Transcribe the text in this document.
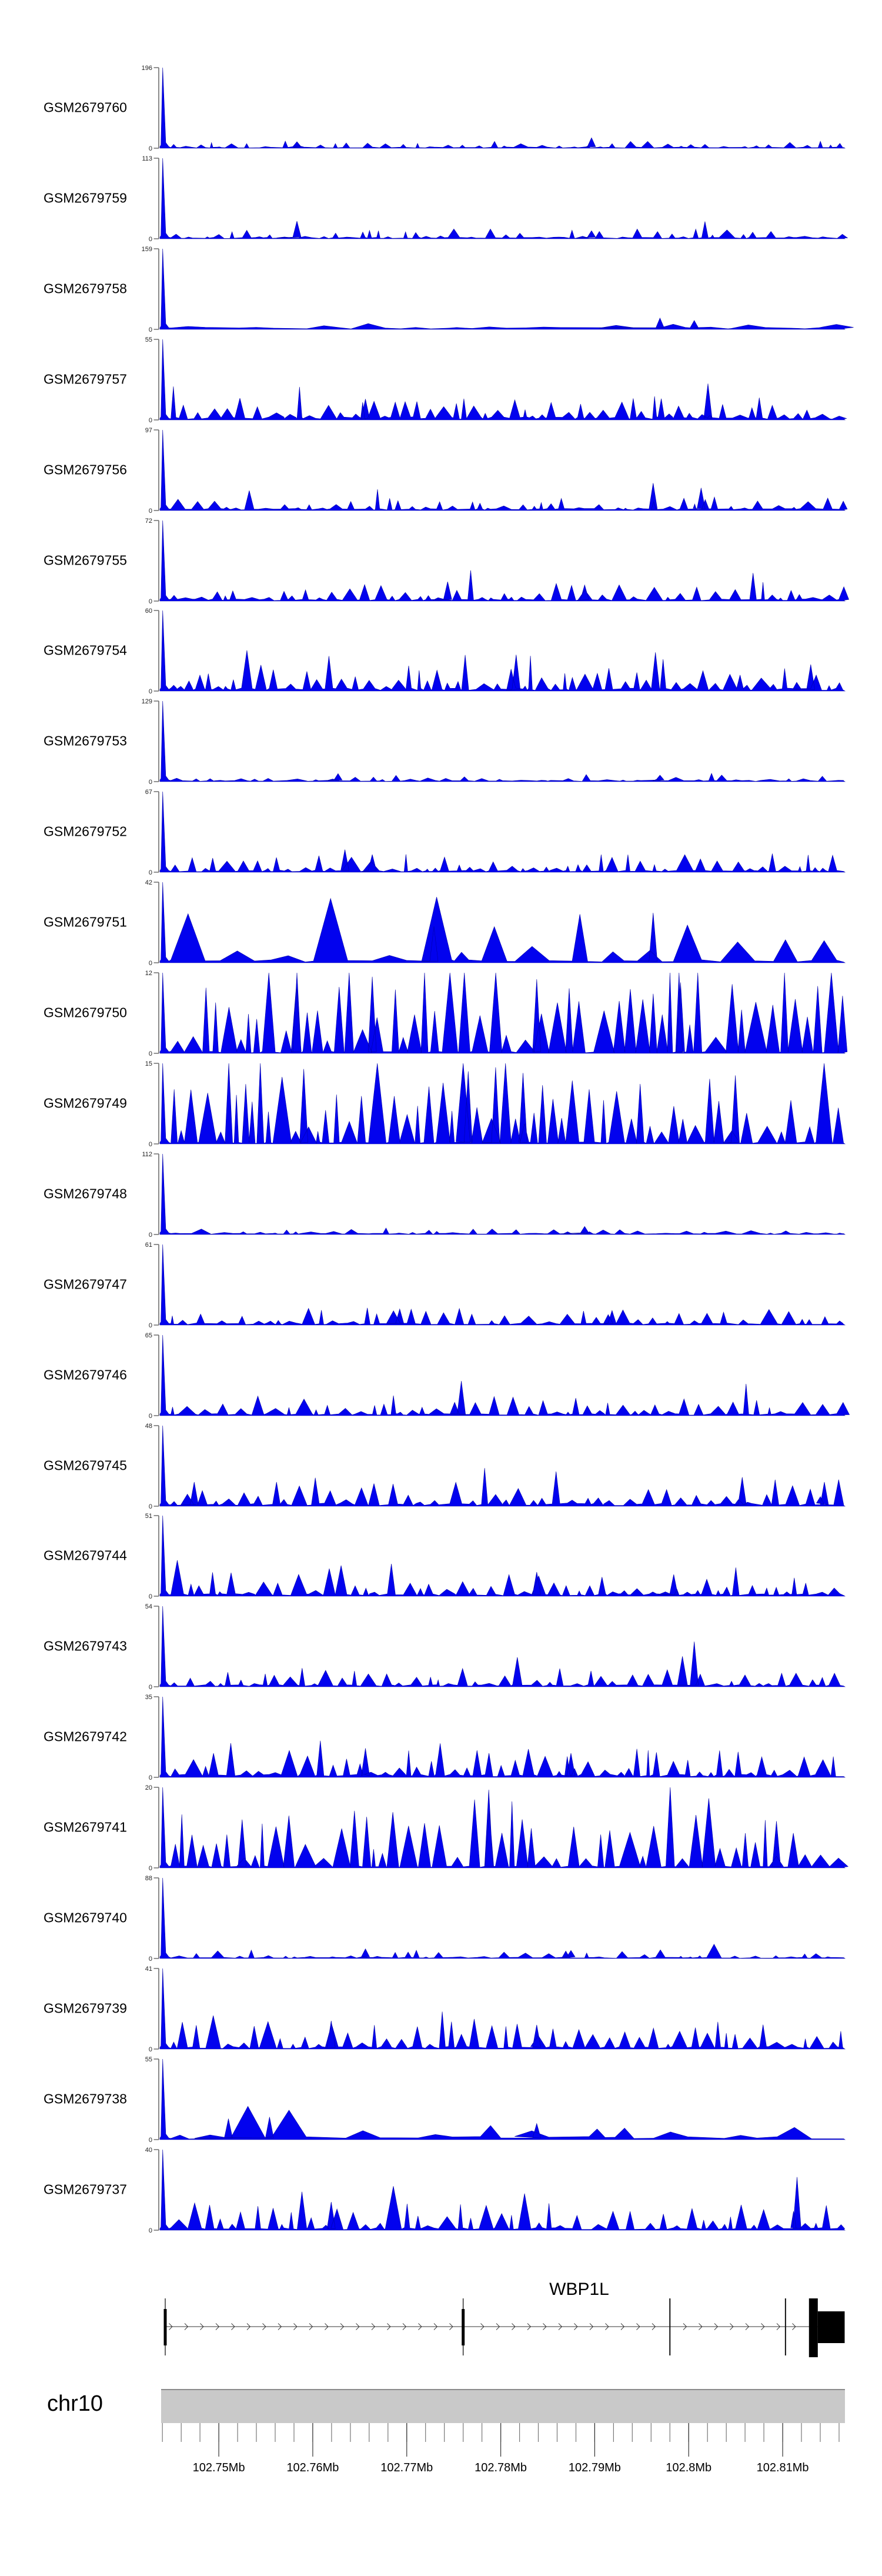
GSM2679760
196
0
GSM2679759
113
0
GSM2679758
159
0
GSM2679757
55
0
GSM2679756
97
0
GSM2679755
72
0
GSM2679754
60
0
GSM2679753
129
0
GSM2679752
67
0
GSM2679751
42
0
GSM2679750
12
0
GSM2679749
15
0
GSM2679748
112
0
GSM2679747
61
0
GSM2679746
65
0
GSM2679745
48
0
GSM2679744
51
0
GSM2679743
54
0
GSM2679742
35
0
GSM2679741
20
0
GSM2679740
88
0
GSM2679739
41
0
GSM2679738
55
0
GSM2679737
40
0
WBP1L
chr10
102.75Mb	102.76Mb	102.77Mb	102.78Mb	102.79Mb	102.8Mb	102.81Mb
